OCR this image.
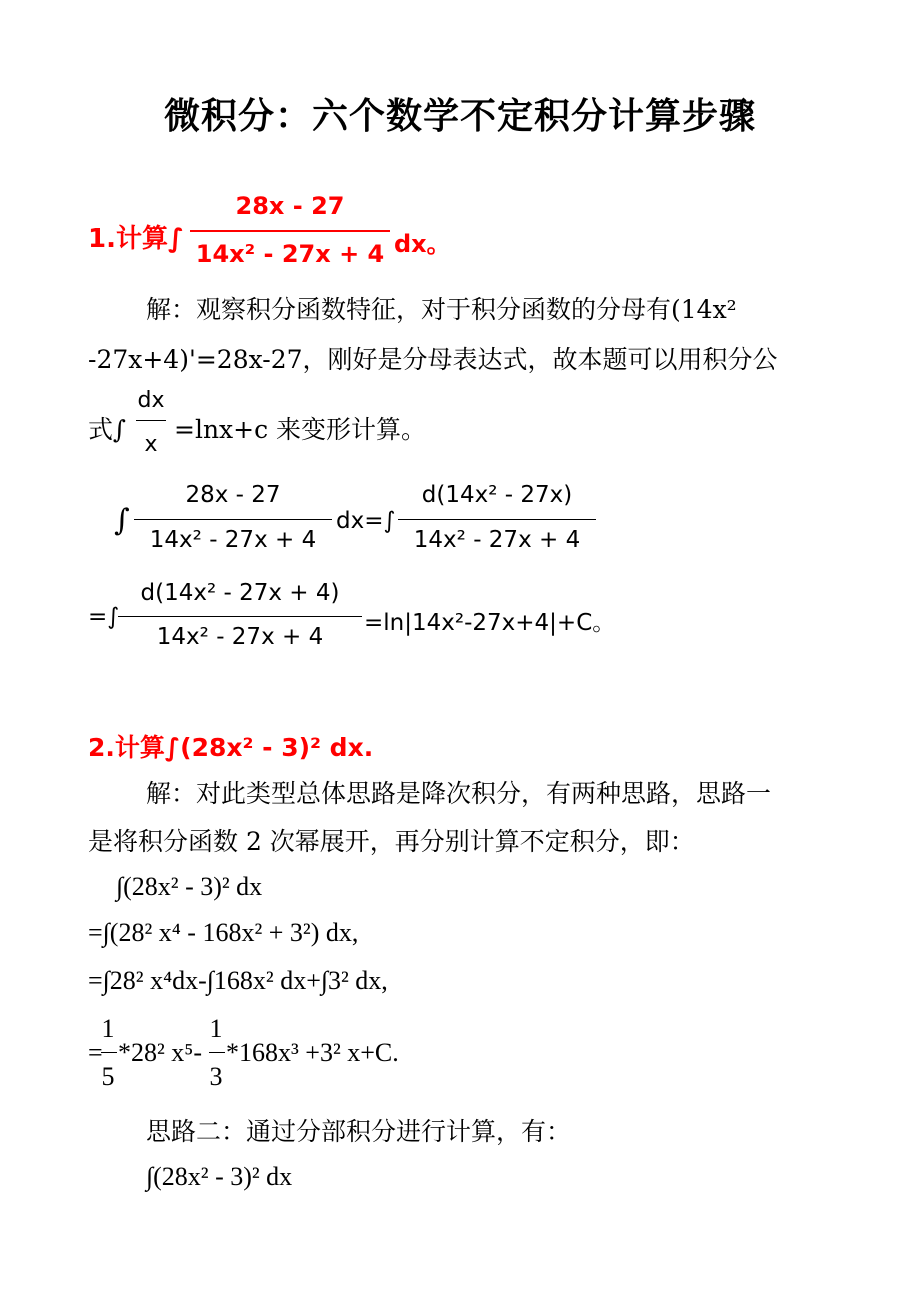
微积分：六个数学不定积分计算步骤
1.计算∫
28x - 27
14x² - 27x + 4 dx。
解：观察积分函数特征，对于积分函数的分母有(14x²
-27x+4)'=28x-27，刚好是分母表达式，故本题可以用积分公
式∫
dx
x
=lnx+c 来变形计算。
∫
28x - 27
14x² - 27x + 4
dx=∫
d(14x² - 27x)
14x² - 27x + 4
=∫
d(14x² - 27x + 4)
14x² - 27x + 4
=ln|14x²-27x+4|+C。
2.计算∫(28x² - 3)² dx.
解：对此类型总体思路是降次积分，有两种思路，思路一
是将积分函数 2 次幂展开，再分别计算不定积分，即：
∫(28x² - 3)² dx
=∫(28² x⁴ - 168x² + 3²) dx,
=∫28² x⁴dx-∫168x² dx+∫3² dx,
=
1
5
*28² x⁵-
1
3
*168x³ +3² x+C.
思路二：通过分部积分进行计算，有：
∫(28x² - 3)² dx
